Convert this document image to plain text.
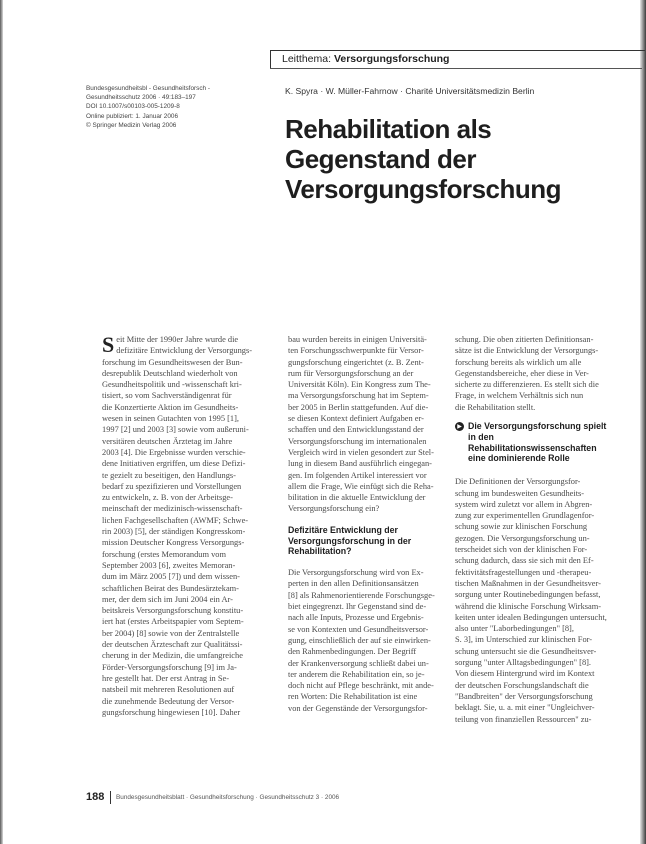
Leitthema: Versorgungsforschung
Bundesgesundheitsbl - Gesundheitsforsch -
Gesundheitsschutz 2006 · 49:183–197
DOI 10.1007/s00103-005-1209-8
Online publiziert: 1. Januar 2006
© Springer Medizin Verlag 2006
K. Spyra · W. Müller-Fahrnow · Charité Universitätsmedizin Berlin
Rehabilitation als
Gegenstand der
Versorgungsforschung
Seit Mitte der 1990er Jahre wurde die
defizitäre Entwicklung der Versorgungs-
forschung im Gesundheitswesen der Bun-
desrepublik Deutschland wiederholt von
Gesundheitspolitik und -wissenschaft kri-
tisiert, so vom Sachverständigenrat für
die Konzertierte Aktion im Gesundheits-
wesen in seinen Gutachten von 1995 [1],
1997 [2] und 2003 [3] sowie vom außeruni-
versitären deutschen Ärztetag im Jahre
2003 [4]. Die Ergebnisse wurden verschie-
dene Initiativen ergriffen, um diese Defizi-
te gezielt zu beseitigen, den Handlungs-
bedarf zu spezifizieren und Vorstellungen
zu entwickeln, z. B. von der Arbeitsge-
meinschaft der medizinisch-wissenschaft-
lichen Fachgesellschaften (AWMF; Schwe-
rin 2003) [5], der ständigen Kongresskom-
mission Deutscher Kongress Versorgungs-
forschung (erstes Memorandum vom
September 2003 [6], zweites Memoran-
dum im März 2005 [7]) und dem wissen-
schaftlichen Beirat des Bundesärztekam-
mer, der dem sich im Juni 2004 ein Ar-
beitskreis Versorgungsforschung konstitu-
iert hat (erstes Arbeitspapier vom Septem-
ber 2004) [8] sowie von der Zentralstelle
der deutschen Ärzteschaft zur Qualitätssi-
cherung in der Medizin, die umfangreiche
Förder-Versorgungsforschung [9] im Ja-
hre gestellt hat. Der erst Antrag in Se-
natsbeil mit mehreren Resolutionen auf
die zunehmende Bedeutung der Versor-
gungsforschung hingewiesen [10]. Daher
bau wurden bereits in einigen Universitä-
ten Forschungsschwerpunkte für Versor-
gungsforschung eingerichtet (z. B. Zent-
rum für Versorgungsforschung an der
Universität Köln). Ein Kongress zum The-
ma Versorgungsforschung hat im Septem-
ber 2005 in Berlin stattgefunden. Auf die-
se diesen Kontext definiert Aufgaben er-
schaffen und den Entwicklungsstand der
Versorgungsforschung im internationalen
Vergleich wird in vielen gesondert zur Stel-
lung in diesem Band ausführlich eingegan-
gen. Im folgenden Artikel interessiert vor
allem die Frage, Wie einfügt sich die Reha-
bilitation in die aktuelle Entwicklung der
Versorgungsforschung ein?
Defizitäre Entwicklung der Versorgungsforschung in der Rehabilitation?
Die Versorgungsforschung wird von Ex-
perten in den allen Definitionsansätzen
[8] als Rahmenorientierende Forschungsge-
biet eingegrenzt. Ihr Gegenstand sind de-
nach alle Inputs, Prozesse und Ergebnis-
se von Kontexten und Gesundheitsversor-
gung, einschließlich der auf sie einwirken-
den Rahmenbedingungen. Der Begriff
der Krankenversorgung schließt dabei un-
ter anderem die Rehabilitation ein, so je-
doch nicht auf Pflege beschränkt, mit ande-
ren Worten: Die Rehabilitation ist eine
von der Gegenstände der Versorgungsfor-
schung. Die oben zitierten Definitionsan-
sätze ist die Entwicklung der Versorgungs-
forschung bereits als wirklich um alle
Gegenstandsbereiche, eher diese in Ver-
sicherte zu differenzieren. Es stellt sich die
Frage, in welchem Verhältnis sich nun
die Rehabilitation stellt.
▶ Die Versorgungsforschung spielt in den Rehabilitationswissenschaften eine dominierende Rolle
Die Definitionen der Versorgungsfor-
schung im bundesweiten Gesundheits-
system wird zuletzt vor allem in Abgren-
zung zur experimentellen Grundlagenfor-
schung sowie zur klinischen Forschung
gezogen. Die Versorgungsforschung un-
terscheidet sich von der klinischen For-
schung dadurch, dass sie sich mit den Ef-
fektivitätsfragestellungen und -therapeu-
tischen Maßnahmen in der Gesundheitsver-
sorgung unter Routinebedingungen befasst,
während die klinische Forschung Wirksam-
keiten unter idealen Bedingungen untersucht,
also unter "Laborbedingungen" [8],
S. 3], im Unterschied zur klinischen For-
schung untersucht sie die Gesundheitsver-
sorgung "unter Alltagsbedingungen" [8].
Von diesem Hintergrund wird im Kontext
der deutschen Forschungslandschaft die
"Bandbreiten" der Versorgungsforschung
beklagt. Sie, u. a. mit einer "Ungleichver-
teilung von finanziellen Ressourcen" zu-
188 Bundesgesundheitsblatt · Gesundheitsforschung · Gesundheitsschutz 3 · 2006
